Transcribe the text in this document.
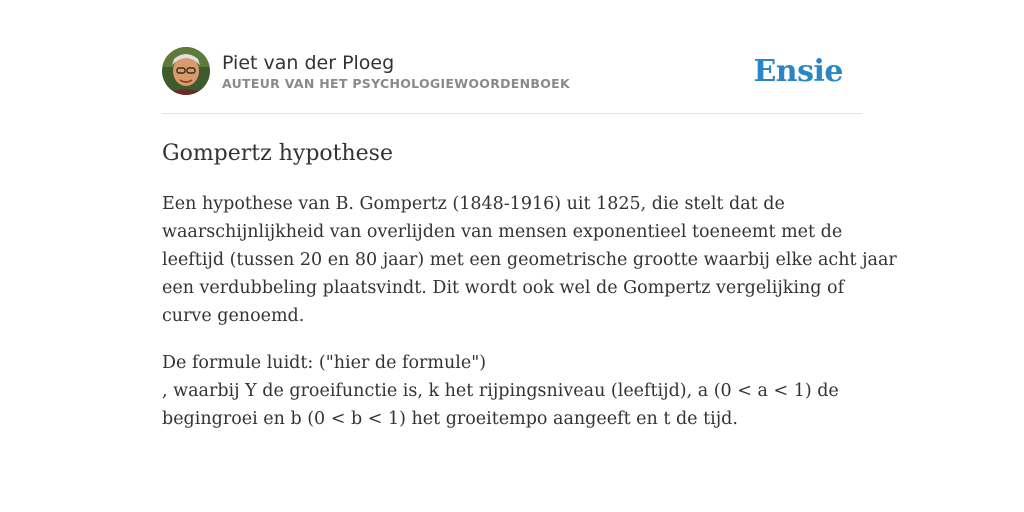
Piet van der Ploeg
AUTEUR VAN HET PSYCHOLOGIEWOORDENBOEK	Ensie
Gompertz hypothese
Een hypothese van B. Gompertz (1848-1916) uit 1825, die stelt dat de
waarschijnlijkheid van overlijden van mensen exponentieel toeneemt met de
leeftijd (tussen 20 en 80 jaar) met een geometrische grootte waarbij elke acht jaar
een verdubbeling plaatsvindt. Dit wordt ook wel de Gompertz vergelijking of
curve genoemd.
De formule luidt: ("hier de formule")
, waarbij Y de groeifunctie is, k het rijpingsniveau (leeftijd), a (0 < a < 1) de
begingroei en b (0 < b < 1) het groeitempo aangeeft en t de tijd.
